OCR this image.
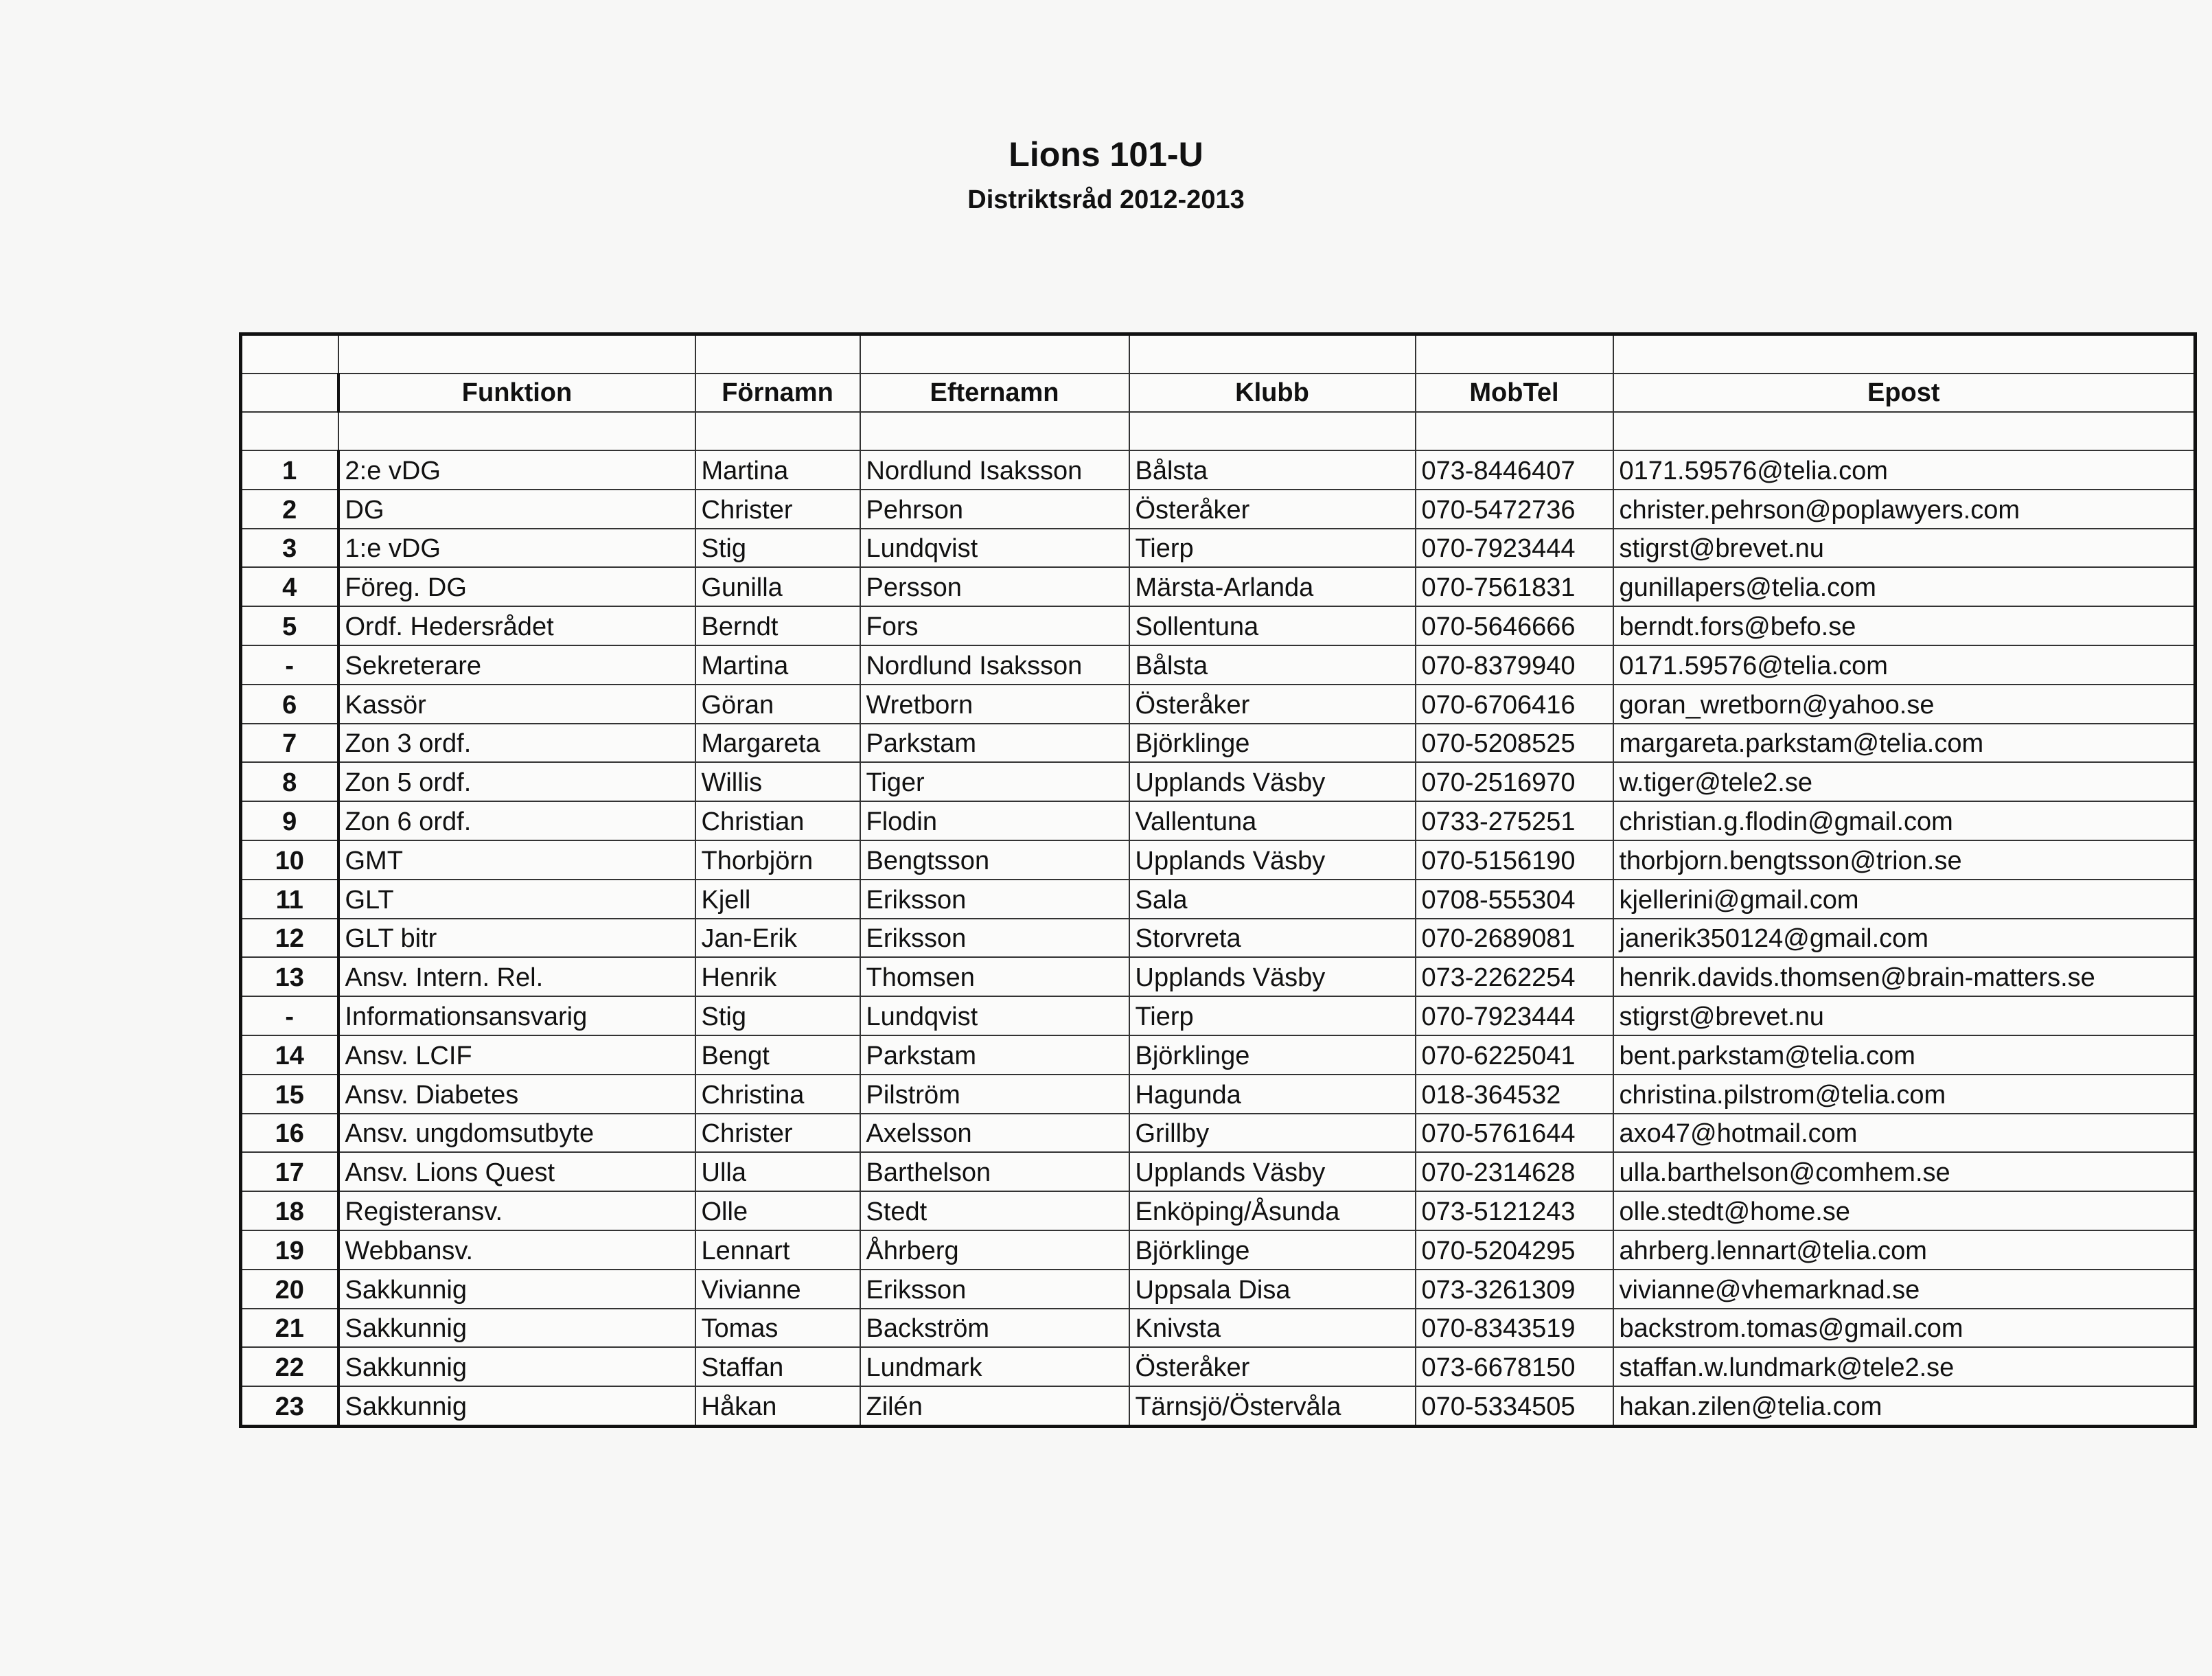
Lions 101-U
Distriktsråd 2012-2013

	Funktion	Förnamn	Efternamn	Klubb	MobTel	Epost

1	2:e vDG	Martina	Nordlund Isaksson	Bålsta	073-8446407	0171.59576@telia.com
2	DG	Christer	Pehrson	Österåker	070-5472736	christer.pehrson@poplawyers.com
3	1:e vDG	Stig	Lundqvist	Tierp	070-7923444	stigrst@brevet.nu
4	Föreg. DG	Gunilla	Persson	Märsta-Arlanda	070-7561831	gunillapers@telia.com
5	Ordf. Hedersrådet	Berndt	Fors	Sollentuna	070-5646666	berndt.fors@befo.se
-	Sekreterare	Martina	Nordlund Isaksson	Bålsta	070-8379940	0171.59576@telia.com
6	Kassör	Göran	Wretborn	Österåker	070-6706416	goran_wretborn@yahoo.se
7	Zon 3 ordf.	Margareta	Parkstam	Björklinge	070-5208525	margareta.parkstam@telia.com
8	Zon 5 ordf.	Willis	Tiger	Upplands Väsby	070-2516970	w.tiger@tele2.se
9	Zon 6 ordf.	Christian	Flodin	Vallentuna	0733-275251	christian.g.flodin@gmail.com
10	GMT	Thorbjörn	Bengtsson	Upplands Väsby	070-5156190	thorbjorn.bengtsson@trion.se
11	GLT	Kjell	Eriksson	Sala	0708-555304	kjellerini@gmail.com
12	GLT bitr	Jan-Erik	Eriksson	Storvreta	070-2689081	janerik350124@gmail.com
13	Ansv. Intern. Rel.	Henrik	Thomsen	Upplands Väsby	073-2262254	henrik.davids.thomsen@brain-matters.se
-	Informationsansvarig	Stig	Lundqvist	Tierp	070-7923444	stigrst@brevet.nu
14	Ansv. LCIF	Bengt	Parkstam	Björklinge	070-6225041	bent.parkstam@telia.com
15	Ansv. Diabetes	Christina	Pilström	Hagunda	018-364532	christina.pilstrom@telia.com
16	Ansv. ungdomsutbyte	Christer	Axelsson	Grillby	070-5761644	axo47@hotmail.com
17	Ansv. Lions Quest	Ulla	Barthelson	Upplands Väsby	070-2314628	ulla.barthelson@comhem.se
18	Registeransv.	Olle	Stedt	Enköping/Åsunda	073-5121243	olle.stedt@home.se
19	Webbansv.	Lennart	Åhrberg	Björklinge	070-5204295	ahrberg.lennart@telia.com
20	Sakkunnig	Vivianne	Eriksson	Uppsala Disa	073-3261309	vivianne@vhemarknad.se
21	Sakkunnig	Tomas	Backström	Knivsta	070-8343519	backstrom.tomas@gmail.com
22	Sakkunnig	Staffan	Lundmark	Österåker	073-6678150	staffan.w.lundmark@tele2.se
23	Sakkunnig	Håkan	Zilén	Tärnsjö/Östervåla	070-5334505	hakan.zilen@telia.com
